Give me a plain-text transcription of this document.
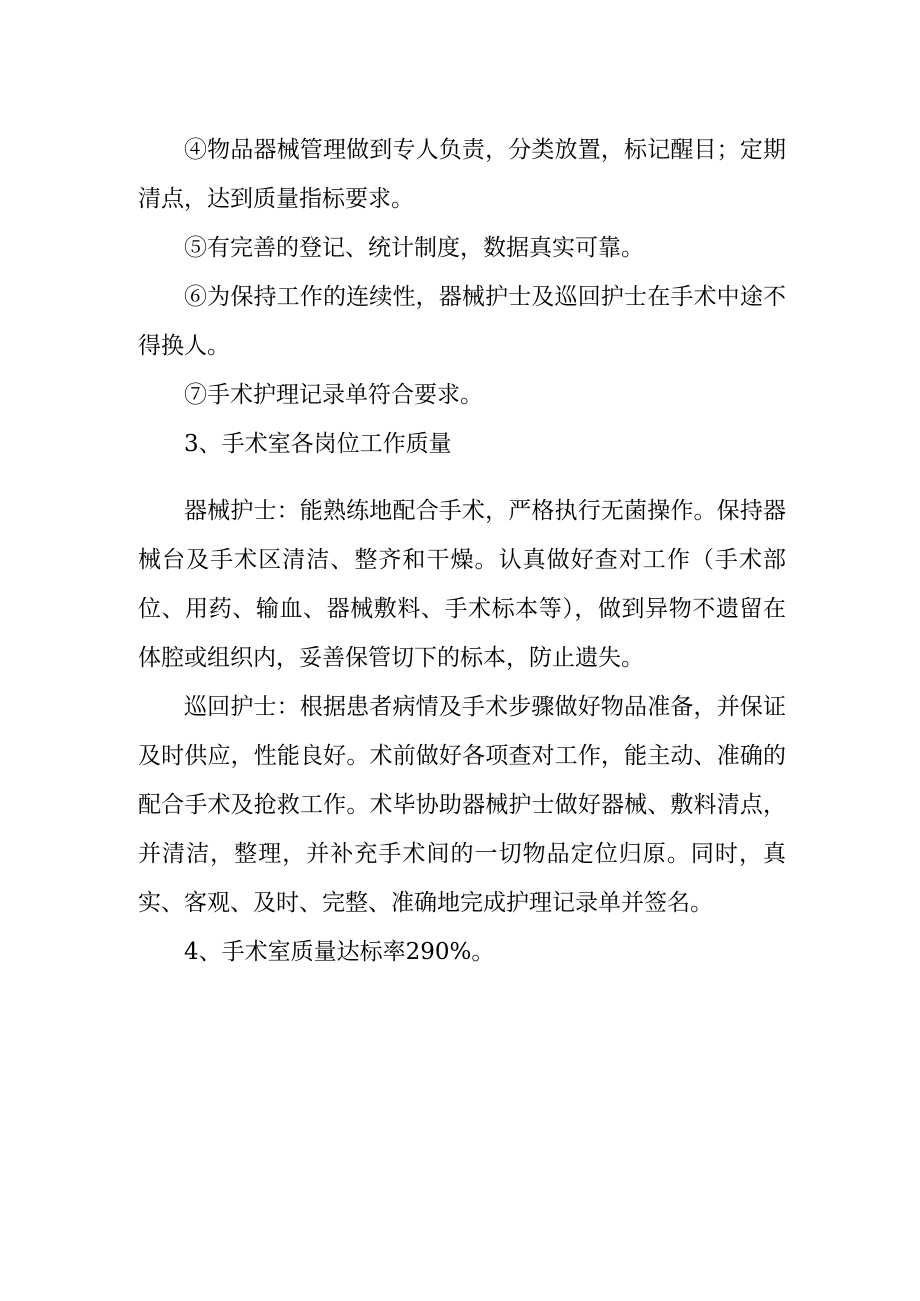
④物品器械管理做到专人负责，分类放置，标记醒目；定期清点，达到质量指标要求。

⑤有完善的登记、统计制度，数据真实可靠。

⑥为保持工作的连续性，器械护士及巡回护士在手术中途不得换人。

⑦手术护理记录单符合要求。

3、手术室各岗位工作质量

器械护士：能熟练地配合手术，严格执行无菌操作。保持器械台及手术区清洁、整齐和干燥。认真做好查对工作（手术部位、用药、输血、器械敷料、手术标本等），做到异物不遗留在体腔或组织内，妥善保管切下的标本，防止遗失。

巡回护士：根据患者病情及手术步骤做好物品准备，并保证及时供应，性能良好。术前做好各项查对工作，能主动、准确的配合手术及抢救工作。术毕协助器械护士做好器械、敷料清点，并清洁，整理，并补充手术间的一切物品定位归原。同时，真实、客观、及时、完整、准确地完成护理记录单并签名。

4、手术室质量达标率290%。
